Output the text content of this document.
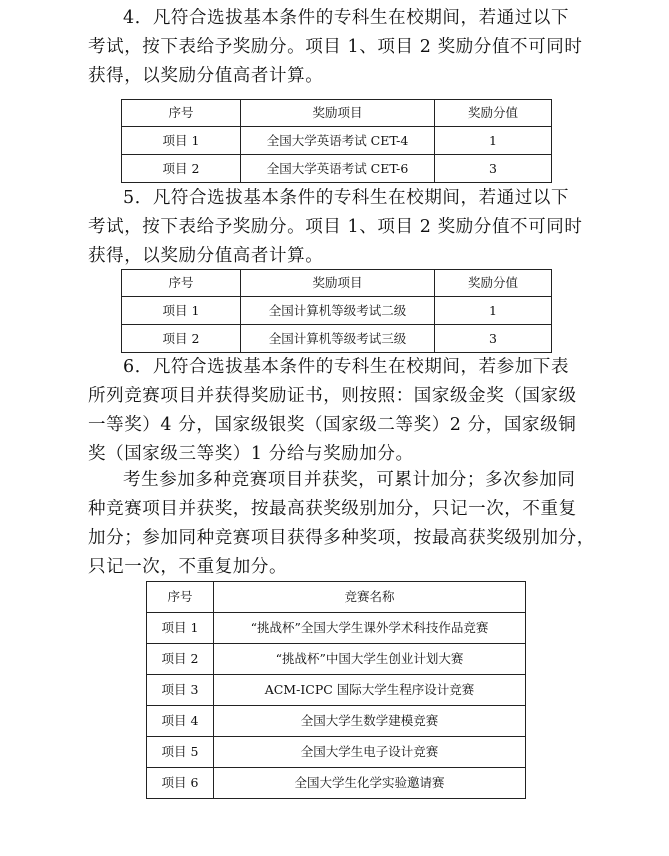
4．凡符合选拔基本条件的专科生在校期间，若通过以下
考试，按下表给予奖励分。项目 1、项目 2 奖励分值不可同时
获得，以奖励分值高者计算。

序号	奖励项目	奖励分值
项目 1	全国大学英语考试 CET-4	1
项目 2	全国大学英语考试 CET-6	3

5．凡符合选拔基本条件的专科生在校期间，若通过以下
考试，按下表给予奖励分。项目 1、项目 2 奖励分值不可同时
获得，以奖励分值高者计算。

序号	奖励项目	奖励分值
项目 1	全国计算机等级考试二级	1
项目 2	全国计算机等级考试三级	3

6．凡符合选拔基本条件的专科生在校期间，若参加下表
所列竞赛项目并获得奖励证书，则按照：国家级金奖（国家级
一等奖）4 分，国家级银奖（国家级二等奖）2 分，国家级铜
奖（国家级三等奖）1 分给与奖励加分。

考生参加多种竞赛项目并获奖，可累计加分；多次参加同
种竞赛项目并获奖，按最高获奖级别加分，只记一次，不重复
加分；参加同种竞赛项目获得多种奖项，按最高获奖级别加分，
只记一次，不重复加分。

序号	竞赛名称
项目 1	“挑战杯”全国大学生课外学术科技作品竞赛
项目 2	“挑战杯”中国大学生创业计划大赛
项目 3	ACM-ICPC 国际大学生程序设计竞赛
项目 4	全国大学生数学建模竞赛
项目 5	全国大学生电子设计竞赛
项目 6	全国大学生化学实验邀请赛
